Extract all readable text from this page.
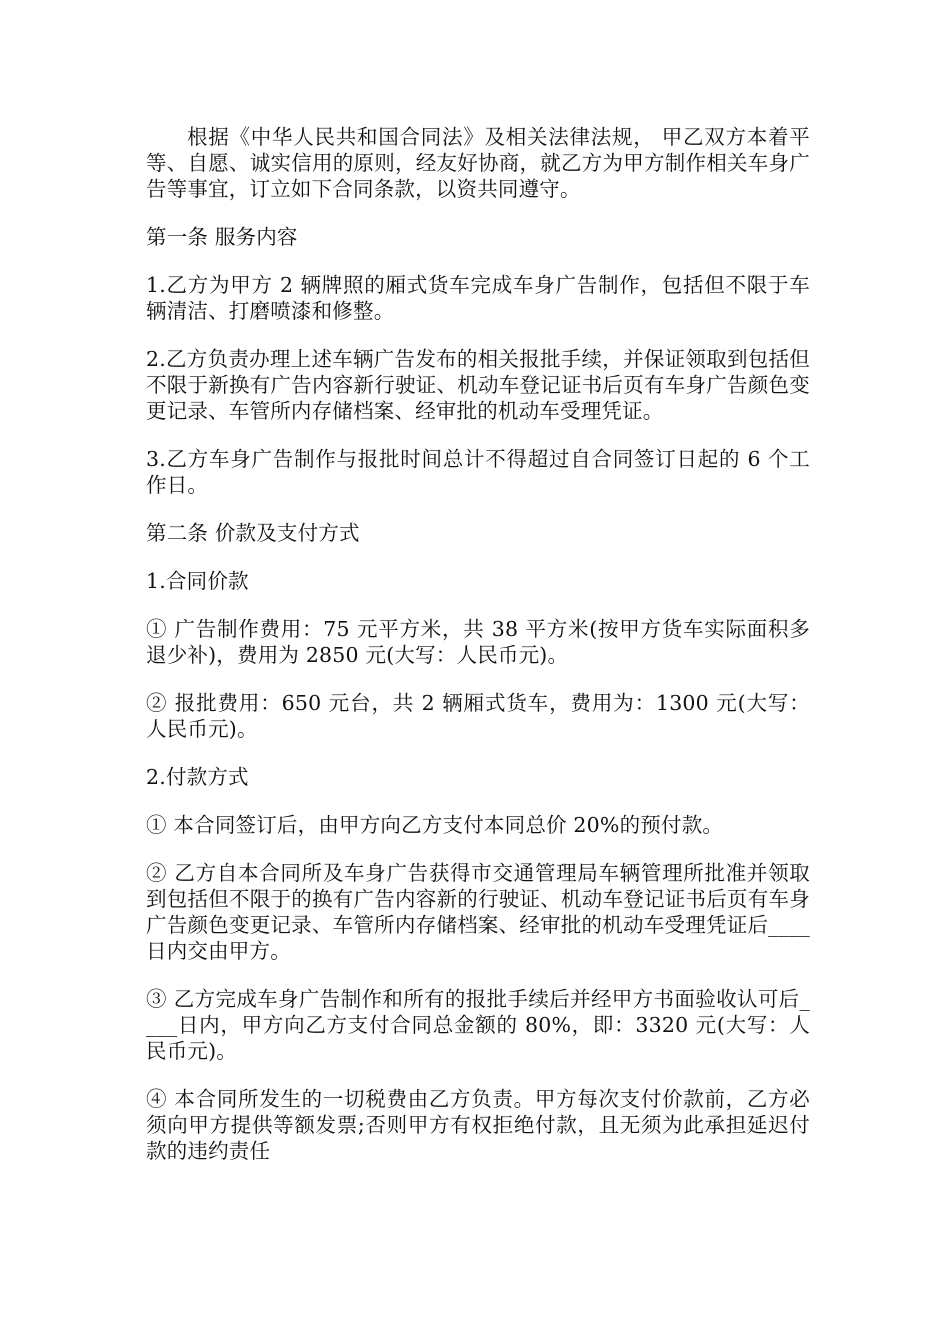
根据《中华人民共和国合同法》及相关法律法规， 甲乙双方本着平等、自愿、诚实信用的原则，经友好协商，就乙方为甲方制作相关车身广告等事宜，订立如下合同条款，以资共同遵守。

第一条 服务内容

1.乙方为甲方 2 辆牌照的厢式货车完成车身广告制作，包括但不限于车辆清洁、打磨喷漆和修整。

2.乙方负责办理上述车辆广告发布的相关报批手续，并保证领取到包括但不限于新换有广告内容新行驶证、机动车登记证书后页有车身广告颜色变更记录、车管所内存储档案、经审批的机动车受理凭证。

3.乙方车身广告制作与报批时间总计不得超过自合同签订日起的 6 个工作日。

第二条 价款及支付方式

1.合同价款

① 广告制作费用：75 元平方米，共 38 平方米(按甲方货车实际面积多退少补)，费用为 2850 元(大写：人民币元)。

② 报批费用：650 元台，共 2 辆厢式货车，费用为：1300 元(大写：人民币元)。

2.付款方式

① 本合同签订后，由甲方向乙方支付本同总价 20%的预付款。

② 乙方自本合同所及车身广告获得市交通管理局车辆管理所批准并领取到包括但不限于的换有广告内容新的行驶证、机动车登记证书后页有车身广告颜色变更记录、车管所内存储档案、经审批的机动车受理凭证后____日内交由甲方。

③ 乙方完成车身广告制作和所有的报批手续后并经甲方书面验收认可后____日内，甲方向乙方支付合同总金额的 80%，即：3320 元(大写：人民币元)。

④ 本合同所发生的一切税费由乙方负责。甲方每次支付价款前，乙方必须向甲方提供等额发票;否则甲方有权拒绝付款，且无须为此承担延迟付款的违约责任
